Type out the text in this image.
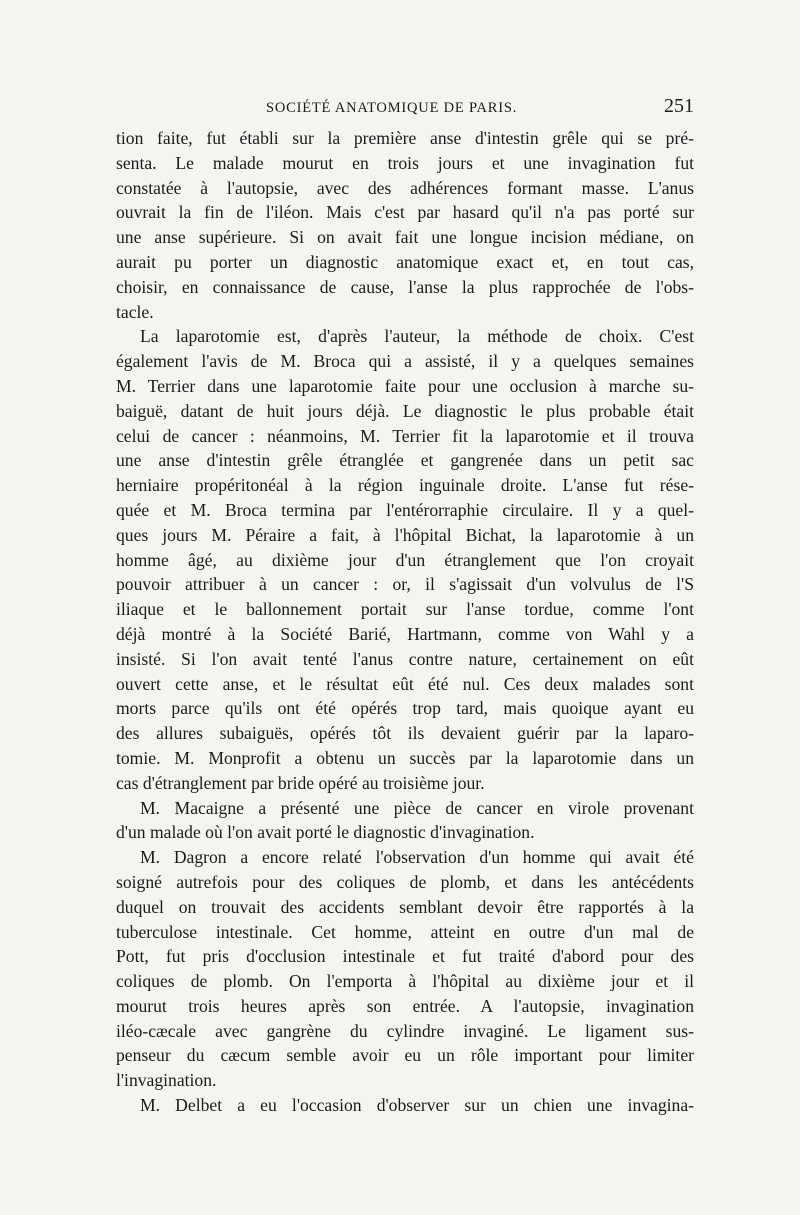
SOCIÉTÉ ANATOMIQUE DE PARIS.	251
tion faite, fut établi sur la première anse d'intestin grêle qui se pré-
senta. Le malade mourut en trois jours et une invagination fut
constatée à l'autopsie, avec des adhérences formant masse. L'anus
ouvrait la fin de l'iléon. Mais c'est par hasard qu'il n'a pas porté sur
une anse supérieure. Si on avait fait une longue incision médiane, on
aurait pu porter un diagnostic anatomique exact et, en tout cas,
choisir, en connaissance de cause, l'anse la plus rapprochée de l'obs-
tacle.
La laparotomie est, d'après l'auteur, la méthode de choix. C'est
également l'avis de M. Broca qui a assisté, il y a quelques semaines
M. Terrier dans une laparotomie faite pour une occlusion à marche su-
baiguë, datant de huit jours déjà. Le diagnostic le plus probable était
celui de cancer : néanmoins, M. Terrier fit la laparotomie et il trouva
une anse d'intestin grêle étranglée et gangrenée dans un petit sac
herniaire propéritonéal à la région inguinale droite. L'anse fut rése-
quée et M. Broca termina par l'entérorraphie circulaire. Il y a quel-
ques jours M. Péraire a fait, à l'hôpital Bichat, la laparotomie à un
homme âgé, au dixième jour d'un étranglement que l'on croyait
pouvoir attribuer à un cancer : or, il s'agissait d'un volvulus de l'S
iliaque et le ballonnement portait sur l'anse tordue, comme l'ont
déjà montré à la Société Barié, Hartmann, comme von Wahl y a
insisté. Si l'on avait tenté l'anus contre nature, certainement on eût
ouvert cette anse, et le résultat eût été nul. Ces deux malades sont
morts parce qu'ils ont été opérés trop tard, mais quoique ayant eu
des allures subaiguës, opérés tôt ils devaient guérir par la laparo-
tomie. M. Monprofit a obtenu un succès par la laparotomie dans un
cas d'étranglement par bride opéré au troisième jour.
M. Macaigne a présenté une pièce de cancer en virole provenant
d'un malade où l'on avait porté le diagnostic d'invagination.
M. Dagron a encore relaté l'observation d'un homme qui avait été
soigné autrefois pour des coliques de plomb, et dans les antécédents
duquel on trouvait des accidents semblant devoir être rapportés à la
tuberculose intestinale. Cet homme, atteint en outre d'un mal de
Pott, fut pris d'occlusion intestinale et fut traité d'abord pour des
coliques de plomb. On l'emporta à l'hôpital au dixième jour et il
mourut trois heures après son entrée. A l'autopsie, invagination
iléo-cæcale avec gangrène du cylindre invaginé. Le ligament sus-
penseur du cæcum semble avoir eu un rôle important pour limiter
l'invagination.
M. Delbet a eu l'occasion d'observer sur un chien une invagina-
